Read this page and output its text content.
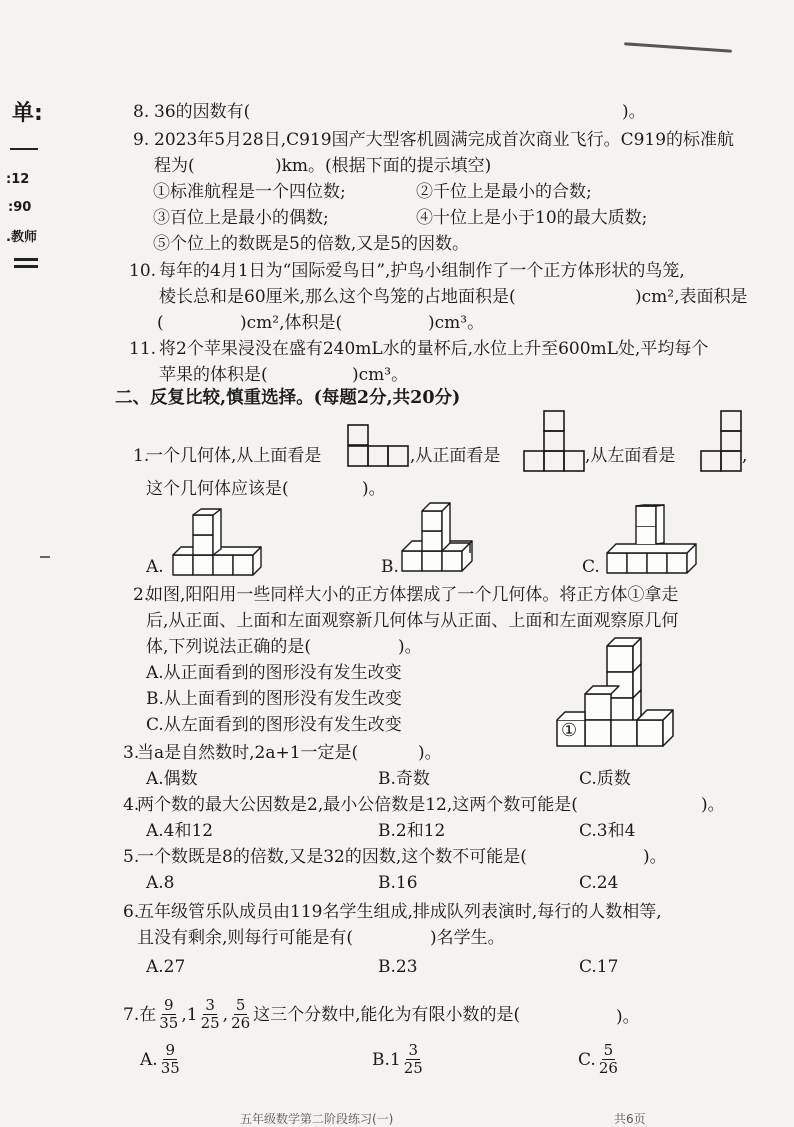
单:
:12
:90
.教师
8. 36的因数有(	)。
9. 2023年5月28日,C919国产大型客机圆满完成首次商业飞行。C919的标准航
程为(	)km。(根据下面的提示填空)
①标准航程是一个四位数;	②千位上是最小的合数;
③百位上是最小的偶数;	④十位上是小于10的最大质数;
⑤个位上的数既是5的倍数,又是5的因数。
10. 每年的4月1日为“国际爱鸟日”,护鸟小组制作了一个正方体形状的鸟笼,
棱长总和是60厘米,那么这个鸟笼的占地面积是(	)cm²,表面积是
(	)cm²,体积是(	)cm³。
11. 将2个苹果浸没在盛有240mL水的量杯后,水位上升至600mL处,平均每个
苹果的体积是(	)cm³。
二、反复比较,慎重选择。(每题2分,共20分)
1.
一个几何体,从上面看是	,从正面看是	,从左面看是	,
这个几何体应该是(	)。
A.	B.	C.
2.
如图,阳阳用一些同样大小的正方体摆成了一个几何体。将正方体①拿走
后,从正面、上面和左面观察新几何体与从正面、上面和左面观察原几何
体,下列说法正确的是(	)。
A.从正面看到的图形没有发生改变
B.从上面看到的图形没有发生改变
C.从左面看到的图形没有发生改变	①
3.
当a是自然数时,2a+1一定是(	)。
A.偶数	B.奇数	C.质数
4.
两个数的最大公因数是2,最小公倍数是12,这两个数可能是(	)。
A.4和12	B.2和12	C.3和4
5.
一个数既是8的倍数,又是32的因数,这个数不可能是(	)。
A.8	B.16	C.24
6.
五年级管乐队成员由119名学生组成,排成队列表演时,每行的人数相等,
且没有剩余,则每行可能是有(	)名学生。
A.27	B.23	C.17
7. 在 $\frac{9}{35} ,1 \frac{3}{25}$ , $\frac{5}{26}$ 这三个分数中,能化为有限小数的是(	)。
A. $\frac{9}{35}$	$B.1 \frac{3}{25}$	C. $\frac{5}{26}$
五年级数学第二阶段练习(一)	共6页
